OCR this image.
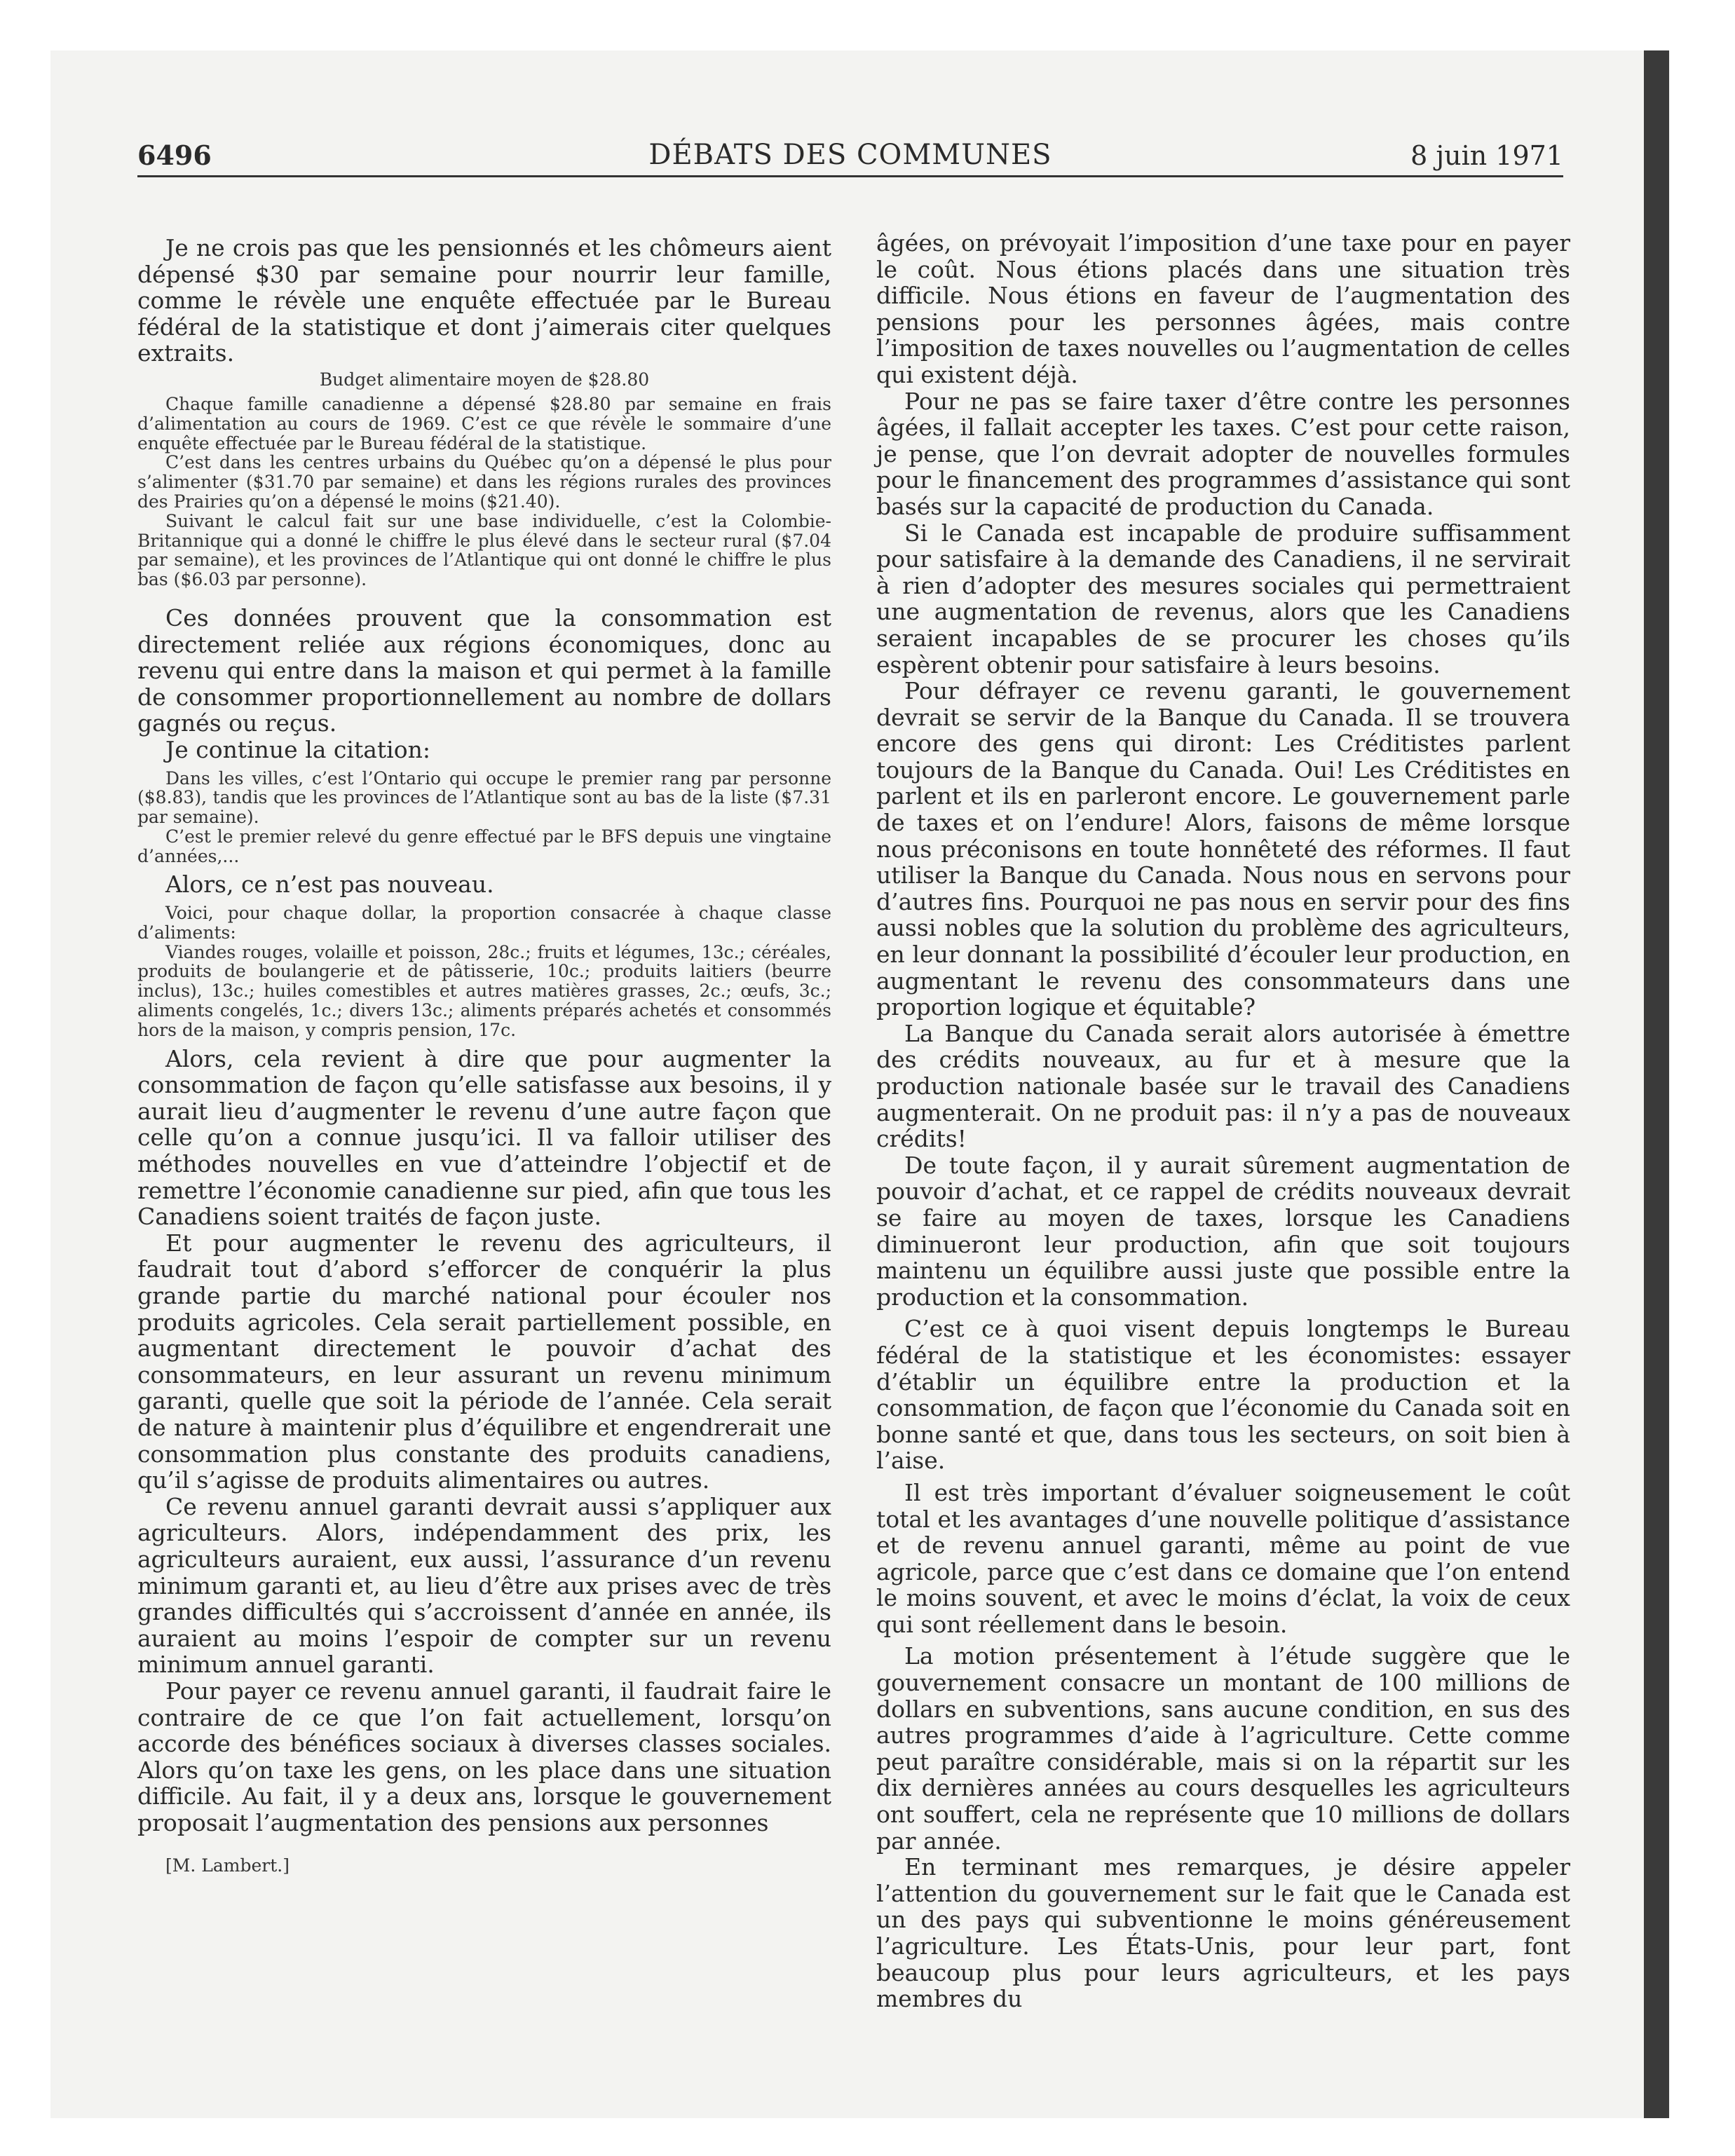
6496	DÉBATS DES COMMUNES	8 juin 1971

Je ne crois pas que les pensionnés et les chômeurs aient dépensé $30 par semaine pour nourrir leur famille, comme le révèle une enquête effectuée par le Bureau fédéral de la statistique et dont j’aimerais citer quelques extraits.

Budget alimentaire moyen de $28.80

Chaque famille canadienne a dépensé $28.80 par semaine en frais d’alimentation au cours de 1969. C’est ce que révèle le sommaire d’une enquête effectuée par le Bureau fédéral de la statistique.

C’est dans les centres urbains du Québec qu’on a dépensé le plus pour s’alimenter ($31.70 par semaine) et dans les régions rurales des provinces des Prairies qu’on a dépensé le moins ($21.40).

Suivant le calcul fait sur une base individuelle, c’est la Colombie-Britannique qui a donné le chiffre le plus élevé dans le secteur rural ($7.04 par semaine), et les provinces de l’Atlantique qui ont donné le chiffre le plus bas ($6.03 par personne).

Ces données prouvent que la consommation est directement reliée aux régions économiques, donc au revenu qui entre dans la maison et qui permet à la famille de consommer proportionnellement au nombre de dollars gagnés ou reçus.

Je continue la citation:

Dans les villes, c’est l’Ontario qui occupe le premier rang par personne ($8.83), tandis que les provinces de l’Atlantique sont au bas de la liste ($7.31 par semaine).

C’est le premier relevé du genre effectué par le BFS depuis une vingtaine d’années,...

Alors, ce n’est pas nouveau.

Voici, pour chaque dollar, la proportion consacrée à chaque classe d’aliments:

Viandes rouges, volaille et poisson, 28c.; fruits et légumes, 13c.; céréales, produits de boulangerie et de pâtisserie, 10c.; produits laitiers (beurre inclus), 13c.; huiles comestibles et autres matières grasses, 2c.; œufs, 3c.; aliments congelés, 1c.; divers 13c.; aliments préparés achetés et consommés hors de la maison, y compris pension, 17c.

Alors, cela revient à dire que pour augmenter la consommation de façon qu’elle satisfasse aux besoins, il y aurait lieu d’augmenter le revenu d’une autre façon que celle qu’on a connue jusqu’ici. Il va falloir utiliser des méthodes nouvelles en vue d’atteindre l’objectif et de remettre l’économie canadienne sur pied, afin que tous les Canadiens soient traités de façon juste.

Et pour augmenter le revenu des agriculteurs, il faudrait tout d’abord s’efforcer de conquérir la plus grande partie du marché national pour écouler nos produits agricoles. Cela serait partiellement possible, en augmentant directement le pouvoir d’achat des consommateurs, en leur assurant un revenu minimum garanti, quelle que soit la période de l’année. Cela serait de nature à maintenir plus d’équilibre et engendrerait une consommation plus constante des produits canadiens, qu’il s’agisse de produits alimentaires ou autres.

Ce revenu annuel garanti devrait aussi s’appliquer aux agriculteurs. Alors, indépendamment des prix, les agriculteurs auraient, eux aussi, l’assurance d’un revenu minimum garanti et, au lieu d’être aux prises avec de très grandes difficultés qui s’accroissent d’année en année, ils auraient au moins l’espoir de compter sur un revenu minimum annuel garanti.

Pour payer ce revenu annuel garanti, il faudrait faire le contraire de ce que l’on fait actuellement, lorsqu’on accorde des bénéfices sociaux à diverses classes sociales. Alors qu’on taxe les gens, on les place dans une situation difficile. Au fait, il y a deux ans, lorsque le gouvernement proposait l’augmentation des pensions aux personnes

[M. Lambert.]

âgées, on prévoyait l’imposition d’une taxe pour en payer le coût. Nous étions placés dans une situation très difficile. Nous étions en faveur de l’augmentation des pensions pour les personnes âgées, mais contre l’imposition de taxes nouvelles ou l’augmentation de celles qui existent déjà.

Pour ne pas se faire taxer d’être contre les personnes âgées, il fallait accepter les taxes. C’est pour cette raison, je pense, que l’on devrait adopter de nouvelles formules pour le financement des programmes d’assistance qui sont basés sur la capacité de production du Canada.

Si le Canada est incapable de produire suffisamment pour satisfaire à la demande des Canadiens, il ne servirait à rien d’adopter des mesures sociales qui permettraient une augmentation de revenus, alors que les Canadiens seraient incapables de se procurer les choses qu’ils espèrent obtenir pour satisfaire à leurs besoins.

Pour défrayer ce revenu garanti, le gouvernement devrait se servir de la Banque du Canada. Il se trouvera encore des gens qui diront: Les Créditistes parlent toujours de la Banque du Canada. Oui! Les Créditistes en parlent et ils en parleront encore. Le gouvernement parle de taxes et on l’endure! Alors, faisons de même lorsque nous préconisons en toute honnêteté des réformes. Il faut utiliser la Banque du Canada. Nous nous en servons pour d’autres fins. Pourquoi ne pas nous en servir pour des fins aussi nobles que la solution du problème des agriculteurs, en leur donnant la possibilité d’écouler leur production, en augmentant le revenu des consommateurs dans une proportion logique et équitable?

La Banque du Canada serait alors autorisée à émettre des crédits nouveaux, au fur et à mesure que la production nationale basée sur le travail des Canadiens augmenterait. On ne produit pas: il n’y a pas de nouveaux crédits!

De toute façon, il y aurait sûrement augmentation de pouvoir d’achat, et ce rappel de crédits nouveaux devrait se faire au moyen de taxes, lorsque les Canadiens diminueront leur production, afin que soit toujours maintenu un équilibre aussi juste que possible entre la production et la consommation.

C’est ce à quoi visent depuis longtemps le Bureau fédéral de la statistique et les économistes: essayer d’établir un équilibre entre la production et la consommation, de façon que l’économie du Canada soit en bonne santé et que, dans tous les secteurs, on soit bien à l’aise.

Il est très important d’évaluer soigneusement le coût total et les avantages d’une nouvelle politique d’assistance et de revenu annuel garanti, même au point de vue agricole, parce que c’est dans ce domaine que l’on entend le moins souvent, et avec le moins d’éclat, la voix de ceux qui sont réellement dans le besoin.

La motion présentement à l’étude suggère que le gouvernement consacre un montant de 100 millions de dollars en subventions, sans aucune condition, en sus des autres programmes d’aide à l’agriculture. Cette comme peut paraître considérable, mais si on la répartit sur les dix dernières années au cours desquelles les agriculteurs ont souffert, cela ne représente que 10 millions de dollars par année.

En terminant mes remarques, je désire appeler l’attention du gouvernement sur le fait que le Canada est un des pays qui subventionne le moins généreusement l’agriculture. Les États-Unis, pour leur part, font beaucoup plus pour leurs agriculteurs, et les pays membres du
